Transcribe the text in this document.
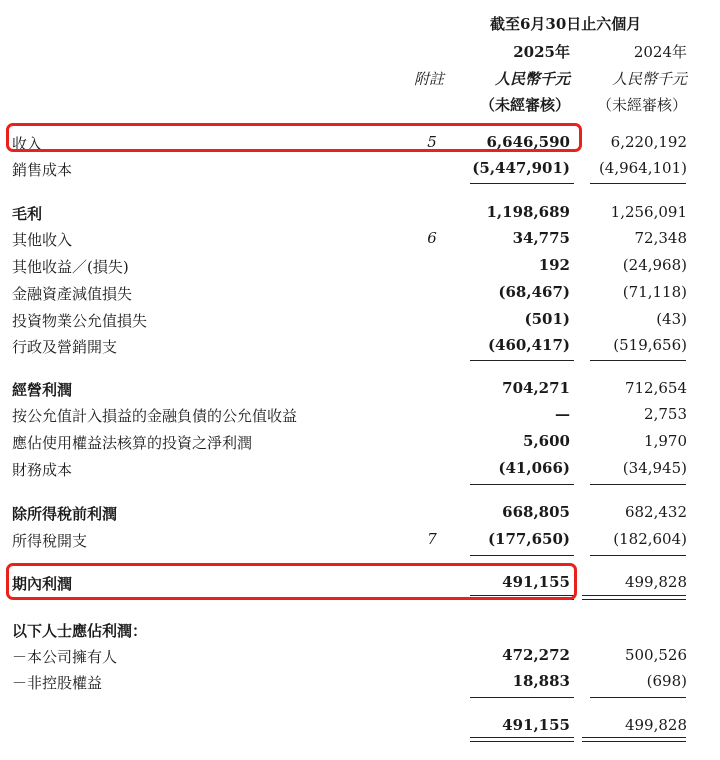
截至6月30日止六個月
2025年	2024年
附註	人民幣千元	人民幣千元
（未經審核） （未經審核）
收入	5	6,646,590	6,220,192
銷售成本	(5,447,901) (4,964,101)
毛利	1,198,689	1,256,091
其他收入	6	34,775	72,348
其他收益／(損失)	192	(24,968)
金融資產減值損失	(68,467)	(71,118)
投資物業公允值損失	(501)	(43)
行政及營銷開支	(460,417)	(519,656)
經營利潤	704,271	712,654
按公允值計入損益的金融負債的公允值收益	—	2,753
應佔使用權益法核算的投資之淨利潤	5,600	1,970
財務成本	(41,066)	(34,945)
除所得稅前利潤	668,805	682,432
所得稅開支	7	(177,650)	(182,604)
期內利潤	491,155	499,828
以下人士應佔利潤：
－本公司擁有人	472,272	500,526
－非控股權益	18,883	(698)
491,155	499,828
